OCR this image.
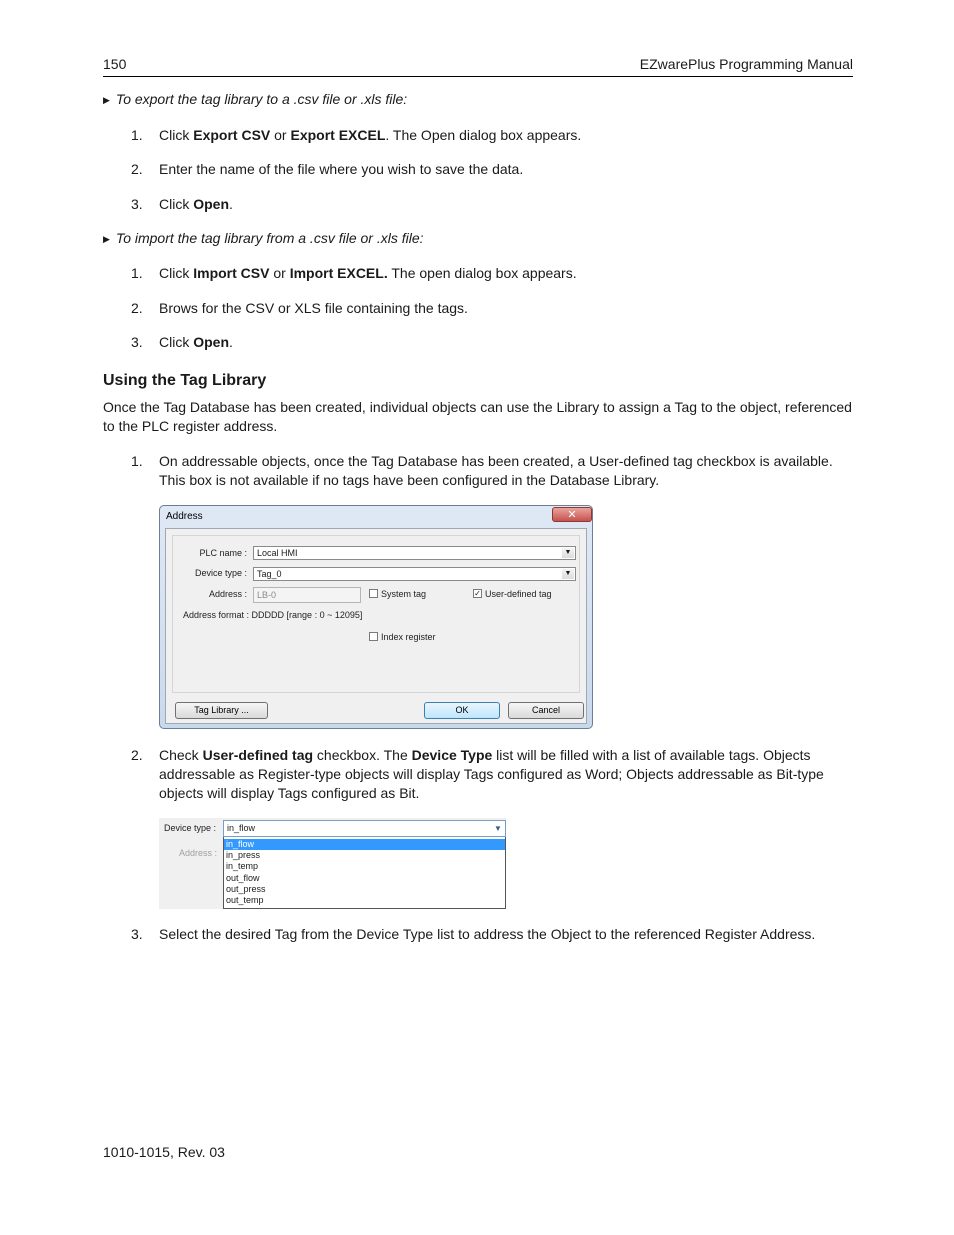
150	EZwarePlus Programming Manual
▶ To export the tag library to a .csv file or .xls file:
1. Click Export CSV or Export EXCEL. The Open dialog box appears.
2. Enter the name of the file where you wish to save the data.
3. Click Open.
▶ To import the tag library from a .csv file or .xls file:
1. Click Import CSV or Import EXCEL. The open dialog box appears.
2. Brows for the CSV or XLS file containing the tags.
3. Click Open.
Using the Tag Library
Once the Tag Database has been created, individual objects can use the Library to assign a Tag to the object, referenced to the PLC register address.
1. On addressable objects, once the Tag Database has been created, a User-defined tag checkbox is available. This box is not available if no tags have been configured in the Database Library.
Address	✕
PLC name :	Local HMI	▼
Device type :	Tag_0	▼
Address :	LB-0	System tag	✓ User-defined tag
Address format : DDDDD [range : 0 ~ 12095]
Index register
Tag Library ...	OK	Cancel
2. Check User-defined tag checkbox. The Device Type list will be filled with a list of available tags. Objects addressable as Register-type objects will display Tags configured as Word; Objects addressable as Bit-type objects will display Tags configured as Bit.
Device type :
Address :
in_flow	▼
in_flow
in_press
in_temp
out_flow
out_press
out_temp
3. Select the desired Tag from the Device Type list to address the Object to the referenced Register Address.
1010-1015, Rev. 03
